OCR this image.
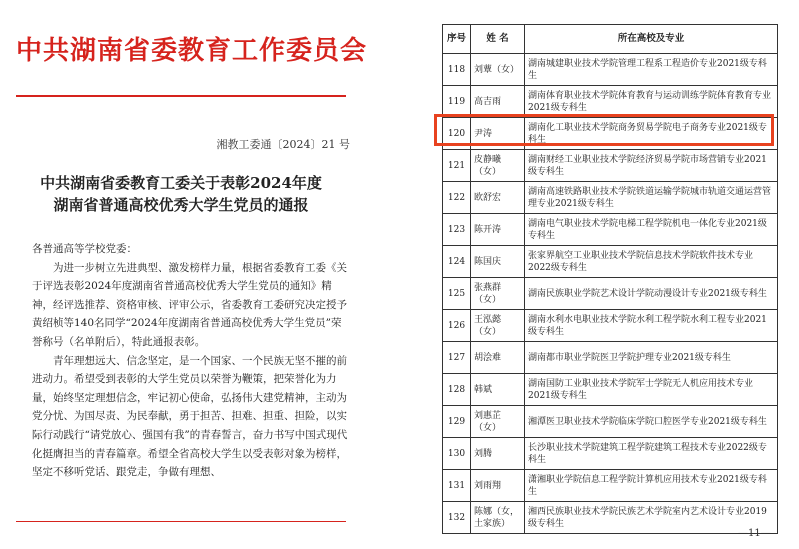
中共湖南省委教育工作委员会
湘教工委通〔2024〕21 号
中共湖南省委教育工委关于表彰2024年度
湖南省普通高校优秀大学生党员的通报

各普通高等学校党委：

为进一步树立先进典型、激发榜样力量，根据省委教育工委《关于评选表彰2024年度湖南省普通高校优秀大学生党员的通知》精神，经评选推荐、资格审核、评审公示，省委教育工委研究决定授予黄绍桢等140名同学“2024年度湖南省普通高校优秀大学生党员”荣誉称号（名单附后），特此通报表彰。

青年理想远大、信念坚定，是一个国家、一个民族无坚不摧的前进动力。希望受到表彰的大学生党员以荣誉为鞭策，把荣誉化为力量，始终坚定理想信念，牢记初心使命，弘扬伟大建党精神，主动为党分忧、为国尽责、为民奉献，勇于担苦、担难、担重、担险，以实际行动践行“请党放心、强国有我”的青春誓言，奋力书写中国式现代化挺膺担当的青春篇章。希望全省高校大学生以受表彰对象为榜样，坚定不移听党话、跟党走，争做有理想、

序号	姓 名	所在高校及专业
118	刘蕈（女）	湖南城建职业技术学院管理工程系工程造价专业2021级专科生
119	高吉雨	湖南体育职业技术学院体育教育与运动训练学院体育教育专业2021级专科生
120	尹涛	湖南化工职业技术学院商务贸易学院电子商务专业2021级专科生
121	皮静曦（女）	湖南财经工业职业技术学院经济贸易学院市场营销专业2021级专科生
122	欧舒宏	湖南高速铁路职业技术学院铁道运输学院城市轨道交通运营管理专业2021级专科生
123	陈开涛	湖南电气职业技术学院电梯工程学院机电一体化专业2021级专科生
124	陈国庆	张家界航空工业职业技术学院信息技术学院软件技术专业2022级专科生
125	张燕群（女）	湖南民族职业学院艺术设计学院动漫设计专业2021级专科生
126	王泓懿（女）	湖南水利水电职业技术学院水利工程学院水利工程专业2021级专科生
127	胡浍难	湖南都市职业学院医卫学院护理专业2021级专科生
128	韩斌	湖南国防工业职业技术学院军士学院无人机应用技术专业2021级专科生
129	刘惠芷（女）	湘潭医卫职业技术学院临床学院口腔医学专业2021级专科生
130	刘腾	长沙职业技术学院建筑工程学院建筑工程技术专业2022级专科生
131	刘雨翔	潇湘职业学院信息工程学院计算机应用技术专业2021级专科生
132	陈娜（女，土家族）	湘西民族职业技术学院民族艺术学院室内艺术设计专业2019级专科生
—11—
